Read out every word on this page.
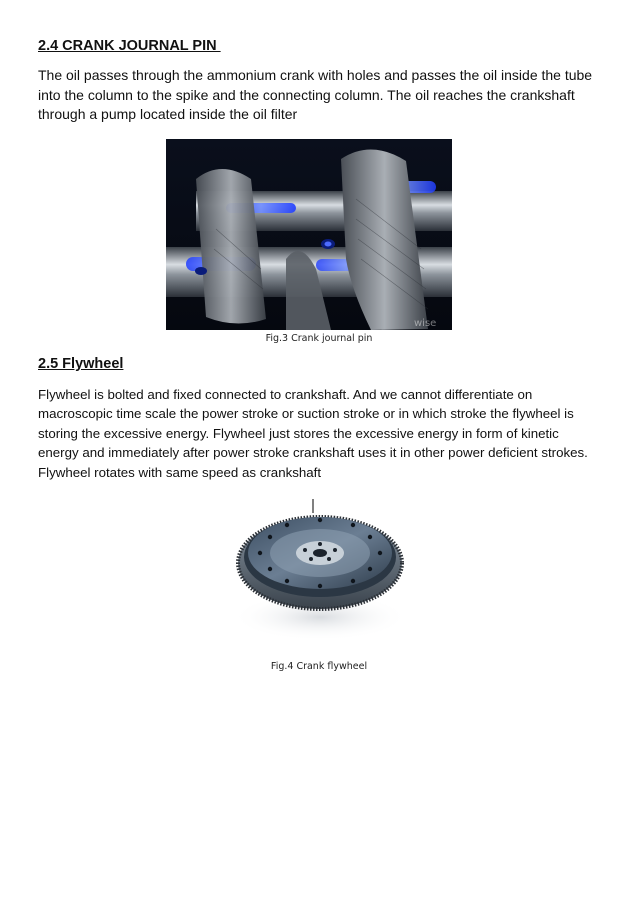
2.4 CRANK JOURNAL PIN

The oil passes through the ammonium crank with holes and passes the oil inside the tube into the column to the spike and the connecting column. The oil reaches the crankshaft through a pump located inside the oil filter

wise

Fig.3 Crank journal pin

2.5 Flywheel

Flywheel is bolted and fixed connected to crankshaft. And we cannot differentiate on macroscopic time scale the power stroke or suction stroke or in which stroke the flywheel is storing the excessive energy. Flywheel just stores the excessive energy in form of kinetic energy and immediately after power stroke crankshaft uses it in other power deficient strokes. Flywheel rotates with same speed as crankshaft

Fig.4 Crank flywheel
